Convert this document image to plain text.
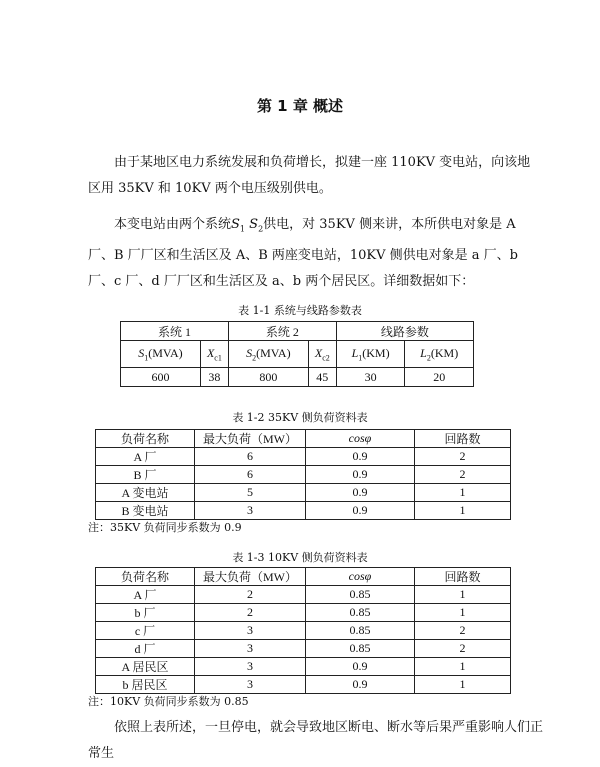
第 1 章 概述

由于某地区电力系统发展和负荷增长，拟建一座 110KV 变电站，向该地区用 35KV 和 10KV 两个电压级别供电。

本变电站由两个系统$S_1$ $S_2$供电，对 35KV 侧来讲，本所供电对象是 A 厂、B 厂厂区和生活区及 A、B 两座变电站，10KV 侧供电对象是 a 厂、b 厂、c 厂、d 厂厂区和生活区及 a、b 两个居民区。详细数据如下：

表 1-1 系统与线路参数表
系统 1		系统 2		线路参数	
$S_1(MVA)$	$X_{c1}$	$S_2(MVA)$	$X_{c2}$	$L_1(KM)$	$L_2(KM)$
600	38	800	45	30	20
表 1-2 35KV 侧负荷资料表
负荷名称	最大负荷（MW）	cosφ	回路数
A 厂	6	0.9	2
B 厂	6	0.9	2
A 变电站	5	0.9	1
B 变电站	3	0.9	1
注：35KV 负荷同步系数为 0.9
表 1-3 10KV 侧负荷资料表
负荷名称	最大负荷（MW）	cosφ	回路数
A 厂	2	0.85	1
b 厂	2	0.85	1
c 厂	3	0.85	2
d 厂	3	0.85	2
A 居民区	3	0.9	1
b 居民区	3	0.9	1
注：10KV 负荷同步系数为 0.85

依照上表所述，一旦停电，就会导致地区断电、断水等后果严重影响人们正常生
